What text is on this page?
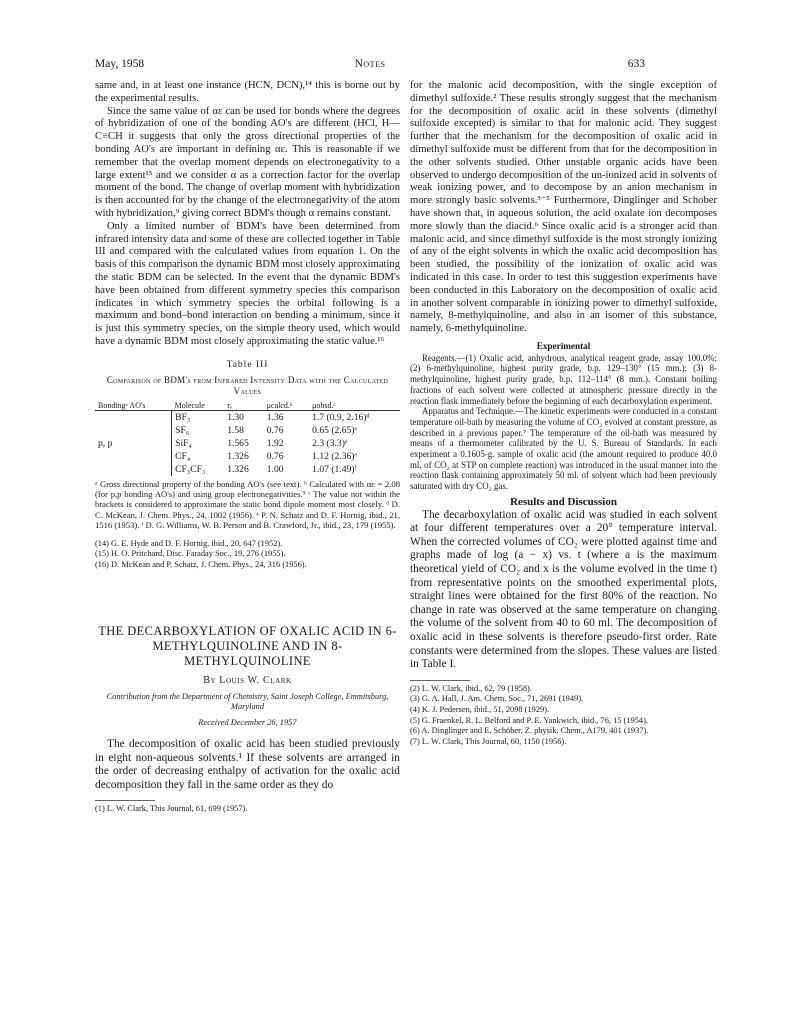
May, 1958	Notes	633

same and, in at least one instance (HCN, DCN),¹⁴ this is borne out by the experimental results.

Since the same value of αε can be used for bonds where the degrees of hybridization of one of the bonding AO's are different (HCl, H—C≡CH it suggests that only the gross directional properties of the bonding AO's are important in defining αε. This is reasonable if we remember that the overlap moment depends on electronegativity to a large extent¹⁵ and we consider α as a correction factor for the overlap moment of the bond. The change of overlap moment with hybridization is then accounted for by the change of the electronegativity of the atom with hybridization,⁹ giving correct BDM's though α remains constant.

Only a limited number of BDM's have been determined from infrared intensity data and some of these are collected together in Table III and compared with the calculated values from equation 1. On the basis of this comparison the dynamic BDM most closely approximating the static BDM can be selected. In the event that the dynamic BDM's have been obtained from different symmetry species this comparison indicates in which symmetry species the orbital following is a maximum and bond–bond interaction on bending a minimum, since it is just this symmetry species, on the simple theory used, which would have a dynamic BDM most closely approximating the static value.¹⁶

Table III
Comparison of BDM's from Infrared Intensity Data with the Calculated Values
Bondingᵃ AO's	Molecule	rₑ	μcalcd.ᵇ	μobsd.ᶜ
p, p	BF₃	1.30	1.36	1.7 (0.9, 2.16)ᵈ
	SF₆	1.58	0.76	0.65 (2.65)ᵉ
	SiF₄	1.565	1.92	2.3 (3.3)ᵉ
	CF₄	1.326	0.76	1.12 (2.36)ᵉ
	CF₃CF₃	1.326	1.00	1.07 (1.49)ᶠ
ᵃ Gross directional property of the bonding AO's (see text). ᵇ Calculated with αε = 2.08 (for p,p bonding AO's) and using group electronegativities.⁹ ᶜ The value not within the brackets is considered to approximate the static bond dipole moment most closely. ᵈ D. C. McKean, J. Chem. Phys., 24, 1002 (1956). ᵉ P. N. Schatz and D. F. Hornig, ibid., 21, 1516 (1953). ᶠ D. G. Williams, W. B. Person and B. Crawford, Jr., ibid., 23, 179 (1955).
(14) G. E. Hyde and D. F. Hornig, ibid., 20, 647 (1952).
(15) H. O. Pritchard, Disc. Faraday Soc., 19, 276 (1955).
(16) D. McKean and P. Schatz, J. Chem. Phys., 24, 316 (1956).
THE DECARBOXYLATION OF OXALIC ACID IN 6-METHYLQUINOLINE AND IN 8-METHYLQUINOLINE
By Louis W. Clark
Contribution from the Department of Chemistry, Saint Joseph College, Emmitsburg, Maryland
Received December 26, 1957

The decomposition of oxalic acid has been studied previously in eight non-aqueous solvents.¹ If these solvents are arranged in the order of decreasing enthalpy of activation for the oxalic acid decomposition they fall in the same order as they do

(1) L. W. Clark, This Journal, 61, 699 (1957).

for the malonic acid decomposition, with the single exception of dimethyl sulfoxide.² These results strongly suggest that the mechanism for the decomposition of oxalic acid in these solvents (dimethyl sulfoxide excepted) is similar to that for malonic acid. They suggest further that the mechanism for the decomposition of oxalic acid in dimethyl sulfoxide must be different from that for the decomposition in the other solvents studied. Other unstable organic acids have been observed to undergo decomposition of the un-ionized acid in solvents of weak ionizing power, and to decompose by an anion mechanism in more strongly basic solvents.³⁻⁵ Furthermore, Dinglinger and Schober have shown that, in aqueous solution, the acid oxalate ion decomposes more slowly than the diacid.⁶ Since oxalic acid is a stronger acid than malonic acid, and since dimethyl sulfoxide is the most strongly ionizing of any of the eight solvents in which the oxalic acid decomposition has been studied, the possibility of the ionization of oxalic acid was indicated in this case. In order to test this suggestion experiments have been conducted in this Laboratory on the decomposition of oxalic acid in another solvent comparable in ionizing power to dimethyl sulfoxide, namely, 8-methylquinoline, and also in an isomer of this substance, namely, 6-methylquinoline.

Experimental

Reagents.—(1) Oxalic acid, anhydrous, analytical reagent grade, assay 100.0%; (2) 6-methylquinoline, highest purity grade, b.p. 129–130° (15 mm.); (3) 8-methylquinoline, highest purity grade, b.p. 112–114° (8 mm.). Constant boiling fractions of each solvent were collected at atmospheric pressure directly in the reaction flask immediately before the beginning of each decarboxylation experiment.

Apparatus and Technique.—The kinetic experiments were conducted in a constant temperature oil-bath by measuring the volume of CO₂ evolved at constant pressure, as described in a previous paper.⁷ The temperature of the oil-bath was measured by means of a thermometer calibrated by the U. S. Bureau of Standards. In each experiment a 0.1605-g. sample of oxalic acid (the amount required to produce 40.0 ml. of CO₂ at STP on complete reaction) was introduced in the usual manner into the reaction flask containing approximately 50 ml. of solvent which had been previously saturated with dry CO₂ gas.

Results and Discussion

The decarboxylation of oxalic acid was studied in each solvent at four different temperatures over a 20° temperature interval. When the corrected volumes of CO₂ were plotted against time and graphs made of log (a − x) vs. t (where a is the maximum theoretical yield of CO₂ and x is the volume evolved in the time t) from representative points on the smoothed experimental plots, straight lines were obtained for the first 80% of the reaction. No change in rate was observed at the same temperature on changing the volume of the solvent from 40 to 60 ml. The decomposition of oxalic acid in these solvents is therefore pseudo-first order. Rate constants were determined from the slopes. These values are listed in Table I.

(2) L. W. Clark, ibid., 62, 79 (1958).
(3) G. A. Hall, J. Am. Chem. Soc., 71, 2691 (1949).
(4) K. J. Pedersen, ibid., 51, 2098 (1929).
(5) G. Fraenkel, R. L. Belford and P. E. Yankwich, ibid., 76, 15 (1954).
(6) A. Dinglinger and E. Schöber, Z. physik. Chem., A179, 401 (1937).
(7) L. W. Clark, This Journal, 60, 1150 (1956).
